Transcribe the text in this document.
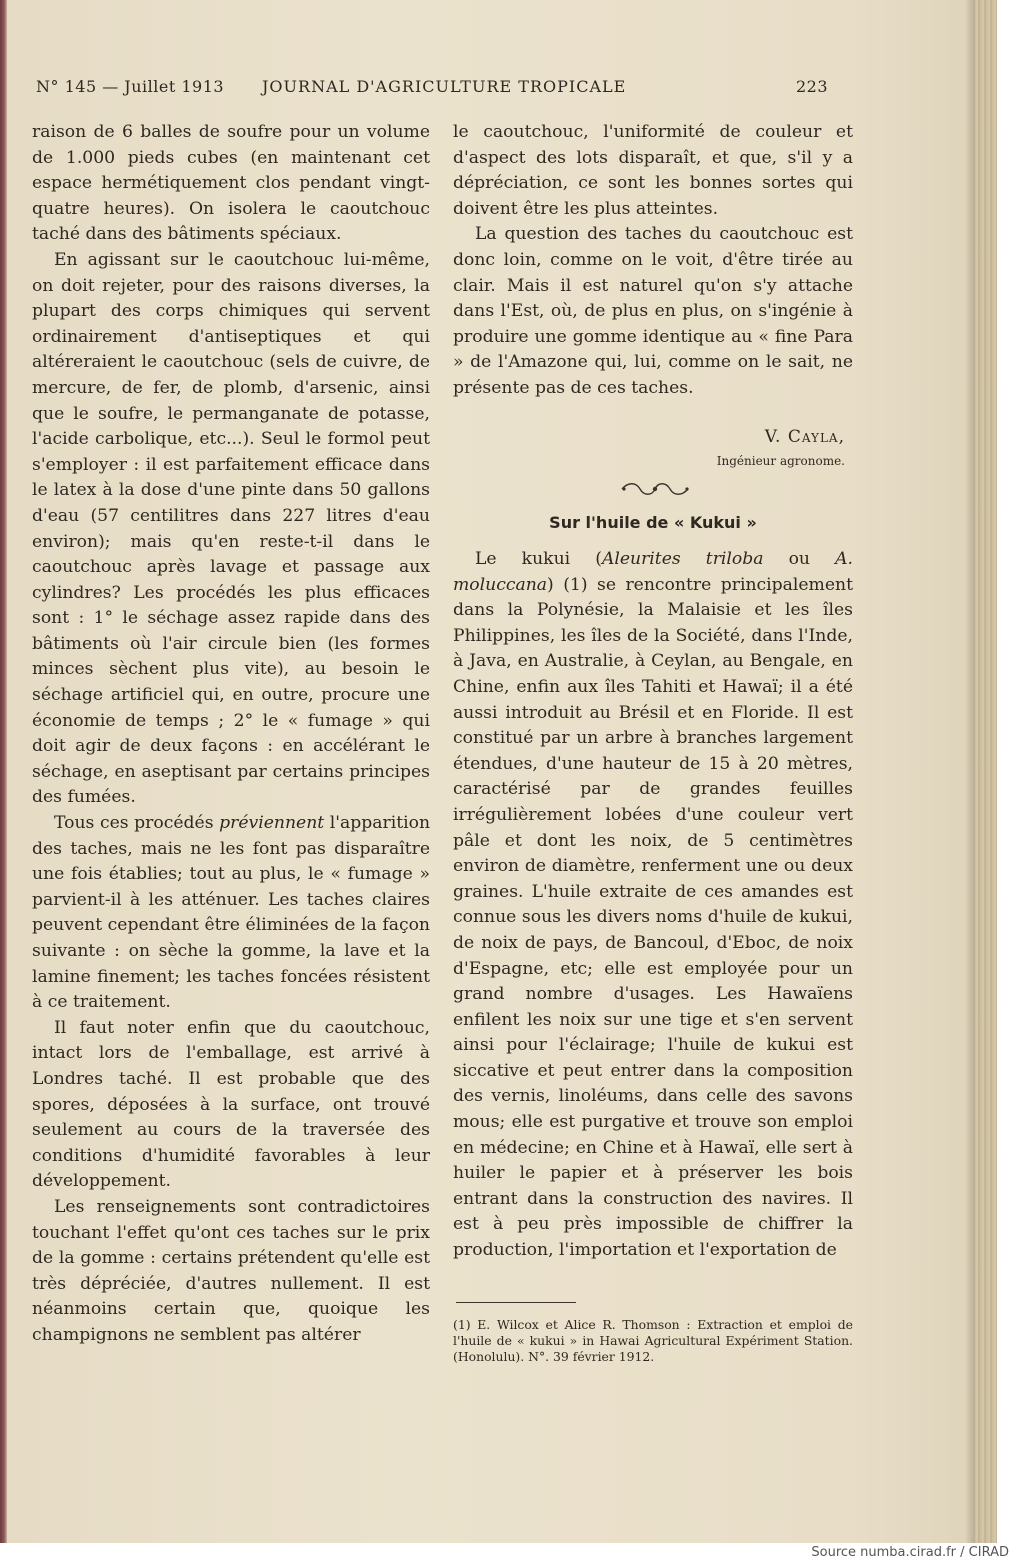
N° 145 — Juillet 1913 JOURNAL D'AGRICULTURE TROPICALE	223

raison de 6 balles de soufre pour un volume de 1.000 pieds cubes (en maintenant cet espace hermétiquement clos pendant vingt-quatre heures). On isolera le caoutchouc taché dans des bâtiments spéciaux.

En agissant sur le caoutchouc lui-même, on doit rejeter, pour des raisons diverses, la plupart des corps chimiques qui servent ordinairement d'antiseptiques et qui altéreraient le caoutchouc (sels de cuivre, de mercure, de fer, de plomb, d'arsenic, ainsi que le soufre, le permanganate de potasse, l'acide carbolique, etc...). Seul le formol peut s'employer : il est parfaitement efficace dans le latex à la dose d'une pinte dans 50 gallons d'eau (57 centilitres dans 227 litres d'eau environ); mais qu'en reste-t-il dans le caoutchouc après lavage et passage aux cylindres? Les procédés les plus efficaces sont : 1° le séchage assez rapide dans des bâtiments où l'air circule bien (les formes minces sèchent plus vite), au besoin le séchage artificiel qui, en outre, procure une économie de temps ; 2° le « fumage » qui doit agir de deux façons : en accélérant le séchage, en aseptisant par certains principes des fumées.

Tous ces procédés préviennent l'apparition des taches, mais ne les font pas disparaître une fois établies; tout au plus, le « fumage » parvient-il à les atténuer. Les taches claires peuvent cependant être éliminées de la façon suivante : on sèche la gomme, la lave et la lamine finement; les taches foncées résistent à ce traitement.

Il faut noter enfin que du caoutchouc, intact lors de l'emballage, est arrivé à Londres taché. Il est probable que des spores, déposées à la surface, ont trouvé seulement au cours de la traversée des conditions d'humidité favorables à leur développement.

Les renseignements sont contradictoires touchant l'effet qu'ont ces taches sur le prix de la gomme : certains prétendent qu'elle est très dépréciée, d'autres nullement. Il est néanmoins certain que, quoique les champignons ne semblent pas altérer

le caoutchouc, l'uniformité de couleur et d'aspect des lots disparaît, et que, s'il y a dépréciation, ce sont les bonnes sortes qui doivent être les plus atteintes.

La question des taches du caoutchouc est donc loin, comme on le voit, d'être tirée au clair. Mais il est naturel qu'on s'y attache dans l'Est, où, de plus en plus, on s'ingénie à produire une gomme identique au « fine Para » de l'Amazone qui, lui, comme on le sait, ne présente pas de ces taches.

V. Cayla,
Ingénieur agronome.
Sur l'huile de « Kukui »

Le kukui (Aleurites triloba ou A. moluccana) (1) se rencontre principalement dans la Polynésie, la Malaisie et les îles Philippines, les îles de la Société, dans l'Inde, à Java, en Australie, à Ceylan, au Bengale, en Chine, enfin aux îles Tahiti et Hawaï; il a été aussi introduit au Brésil et en Floride. Il est constitué par un arbre à branches largement étendues, d'une hauteur de 15 à 20 mètres, caractérisé par de grandes feuilles irrégulièrement lobées d'une couleur vert pâle et dont les noix, de 5 centimètres environ de diamètre, renferment une ou deux graines. L'huile extraite de ces amandes est connue sous les divers noms d'huile de kukui, de noix de pays, de Bancoul, d'Eboc, de noix d'Espagne, etc; elle est employée pour un grand nombre d'usages. Les Hawaïens enfilent les noix sur une tige et s'en servent ainsi pour l'éclairage; l'huile de kukui est siccative et peut entrer dans la composition des vernis, linoléums, dans celle des savons mous; elle est purgative et trouve son emploi en médecine; en Chine et à Hawaï, elle sert à huiler le papier et à préserver les bois entrant dans la construction des navires. Il est à peu près impossible de chiffrer la production, l'importation et l'exportation de

(1) E. Wilcox et Alice R. Thomson : Extraction et emploi de l'huile de « kukui » in Hawai Agricultural Expériment Station. (Honolulu). N°. 39 février 1912.

Source numba.cirad.fr / CIRAD
